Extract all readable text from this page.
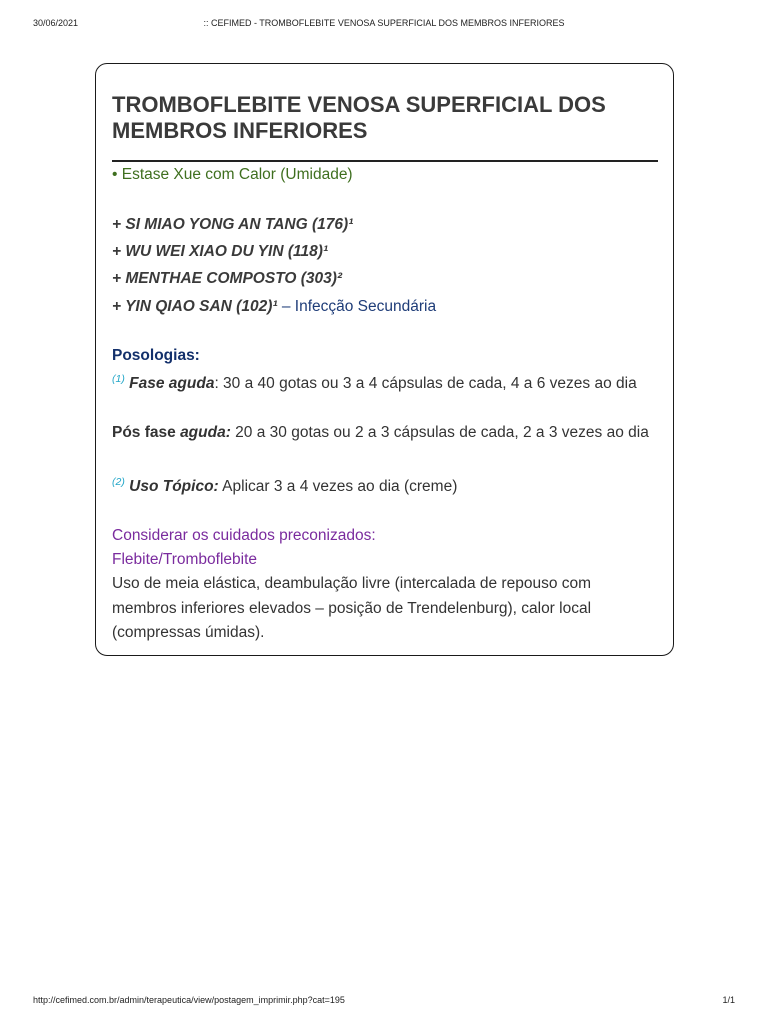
30/06/2021	:: CEFIMED - TROMBOFLEBITE VENOSA SUPERFICIAL DOS MEMBROS INFERIORES
TROMBOFLEBITE VENOSA SUPERFICIAL DOS MEMBROS INFERIORES
• Estase Xue com Calor (Umidade)
+ SI MIAO YONG AN TANG (176)¹
+ WU WEI XIAO DU YIN (118)¹
+ MENTHAE COMPOSTO (303)²
+ YIN QIAO SAN (102)¹ – Infecção Secundária
Posologias:
$^{(1)}$ Fase aguda: 30 a 40 gotas ou 3 a 4 cápsulas de cada, 4 a 6 vezes ao dia
Pós fase aguda: 20 a 30 gotas ou 2 a 3 cápsulas de cada, 2 a 3 vezes ao dia
$^{(2)}$ Uso Tópico: Aplicar 3 a 4 vezes ao dia (creme)
Considerar os cuidados preconizados:
Flebite/Tromboflebite
Uso de meia elástica, deambulação livre (intercalada de repouso com membros inferiores elevados – posição de Trendelenburg), calor local (compressas úmidas).
http://cefimed.com.br/admin/terapeutica/view/postagem_imprimir.php?cat=195	1/1
